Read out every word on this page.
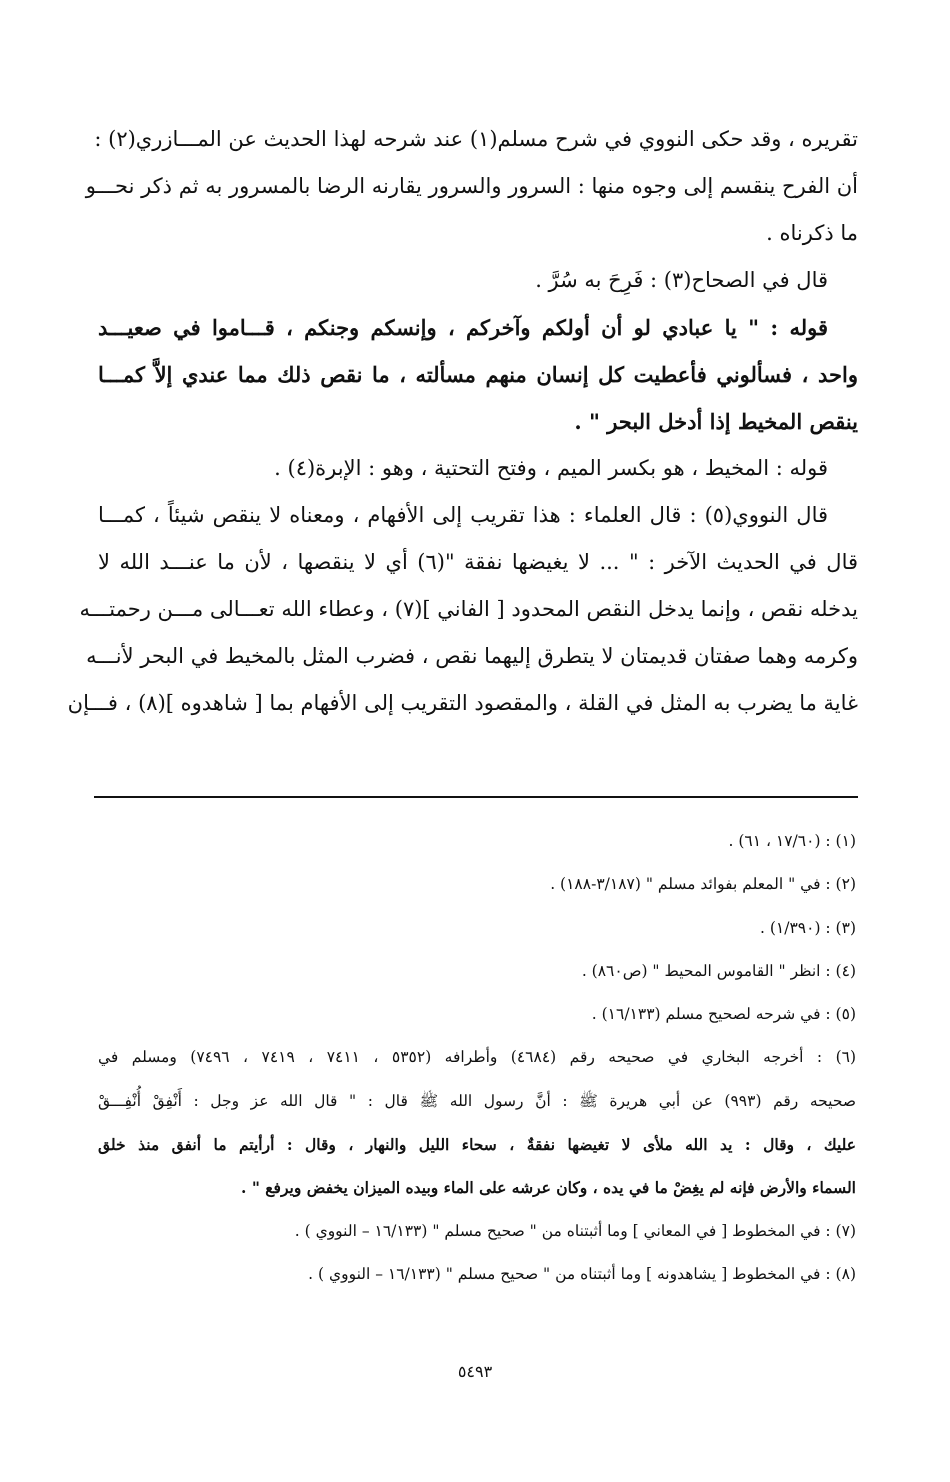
تقريره ، وقد حكى النووي في شرح مسلم(١) عند شرحه لهذا الحديث عن المـــازري(٢) :
أن الفرح ينقسم إلى وجوه منها : السرور والسرور يقارنه الرضا بالمسرور به ثم ذكر نحـــو
ما ذكرناه .
قال في الصحاح(٣) : فَرِحَ به سُرَّ .
قوله : " يا عبادي لو أن أولكم وآخركم ، وإنسكم وجنكم ، قـــاموا في صعيـــد
واحد ، فسألوني فأعطيت كل إنسان منهم مسألته ، ما نقص ذلك مما عندي إلاَّ كمـــا
ينقص المخيط إذا أدخل البحر " .
قوله : المخيط ، هو بكسر الميم ، وفتح التحتية ، وهو : الإبرة(٤) .
قال النووي(٥) : قال العلماء : هذا تقريب إلى الأفهام ، ومعناه لا ينقص شيئاً ، كمـــا
قال في الحديث الآخر : " ... لا يغيضها نفقة "(٦) أي لا ينقصها ، لأن ما عنـــد الله لا
يدخله نقص ، وإنما يدخل النقص المحدود [ الفاني ](٧) ، وعطاء الله تعـــالى مـــن رحمتـــه
وكرمه وهما صفتان قديمتان لا يتطرق إليهما نقص ، فضرب المثل بالمخيط في البحر لأنـــه
غاية ما يضرب به المثل في القلة ، والمقصود التقريب إلى الأفهام بما [ شاهدوه ](٨) ، فـــإن
(١) : (١٧/٦٠ ، ٦١) .
(٢) : في " المعلم بفوائد مسلم " (٣/١٨٧-١٨٨) .
(٣) : (١/٣٩٠) .
(٤) : انظر " القاموس المحيط " (ص٨٦٠) .
(٥) : في شرحه لصحيح مسلم (١٦/١٣٣) .
(٦) : أخرجه البخاري في صحيحه رقم (٤٦٨٤) وأطرافه (٥٣٥٢ ، ٧٤١١ ، ٧٤١٩ ، ٧٤٩٦) ومسلم في
صحيحه رقم (٩٩٣) عن أبي هريرة ﷺ : أنَّ رسول الله ﷺ قال : " قال الله عز وجل : أَنْفِقْ أُنْفِـــقْ
عليك ، وقال : يد الله ملأى لا تغيضها نفقةٌ ، سحاء الليل والنهار ، وقال : أرأيتم ما أنفق منذ خلق
السماء والأرض فإنه لم يغِضْ ما في يده ، وكان عرشه على الماء وبيده الميزان يخفض ويرفع " .
(٧) : في المخطوط [ في المعاني ] وما أثبتناه من " صحيح مسلم " (١٦/١٣٣ – النووي ) .
(٨) : في المخطوط [ يشاهدونه ] وما أثبتناه من " صحيح مسلم " (١٦/١٣٣ – النووي ) .
٥٤٩٣
